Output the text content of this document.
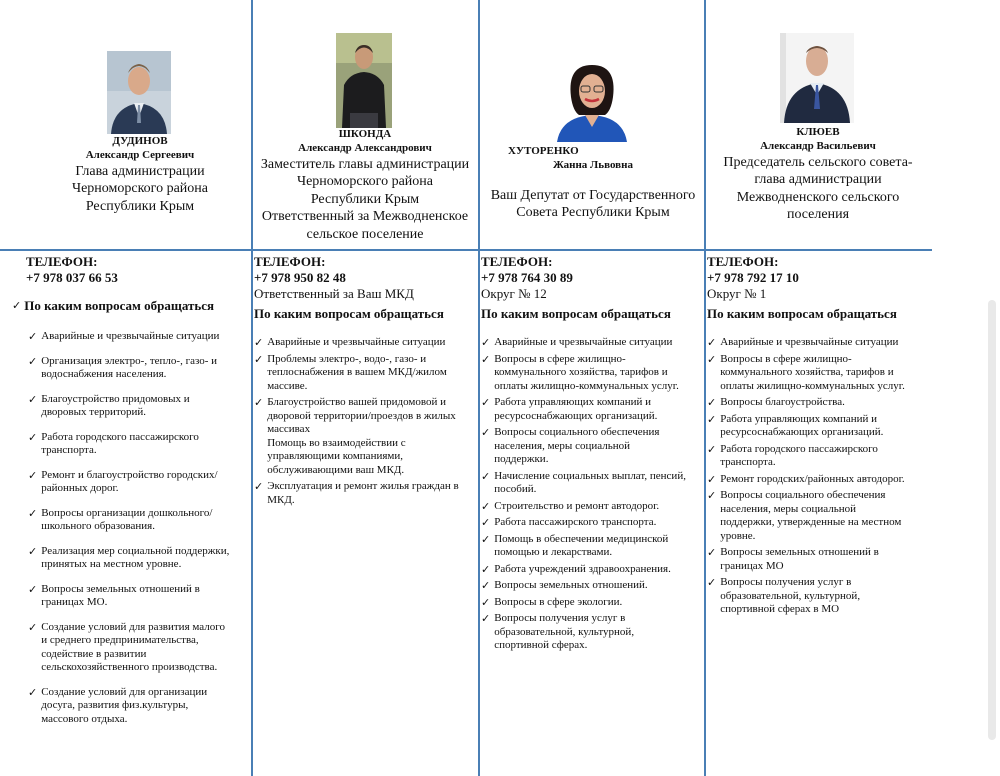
ДУДИНОВ
Александр Сергеевич
Глава администрации
Черноморского района
Республики Крым
ШКОНДА
Александр Александрович
Заместитель главы администрации
Черноморского района
Республики Крым
Ответственный за Межводненское
сельское поселение
ХУТОРЕНКО
Жанна Львовна
Ваш Депутат от Государственного
Совета Республики Крым
КЛЮЕВ
Александр Васильевич
Председатель сельского совета-
глава администрации
Межводненского сельского
поселения
ТЕЛЕФОН:
+7 978 037 66 53
✓ По каким вопросам обращаться
✓ Аварийные и чрезвычайные ситуации
✓ Организация электро-, тепло-, газо- и
водоснабжения населения.
✓ Благоустройство придомовых и
дворовых территорий.
✓ Работа городского пассажирского
транспорта.
✓ Ремонт и благоустройство городских/
районных дорог.
✓ Вопросы организации дошкольного/
школьного образования.
✓ Реализация мер социальной поддержки,
принятых на местном уровне.
✓ Вопросы земельных отношений в
границах МО.
✓ Создание условий для развития малого
и среднего предпринимательства,
содействие в развитии
сельскохозяйственного производства.
✓ Создание условий для организации
досуга, развития физ.культуры,
массового отдыха.
ТЕЛЕФОН:
+7 978 950 82 48
Ответственный за Ваш МКД
По каким вопросам обращаться
✓ Аварийные и чрезвычайные ситуации
✓ Проблемы электро-, водо-, газо- и
теплоснабжения в вашем МКД/жилом
массиве.
✓ Благоустройство вашей придомовой и
дворовой территории/проездов в жилых
массивах
Помощь во взаимодействии с
управляющими компаниями,
обслуживающими ваш МКД.
✓ Эксплуатация и ремонт жилья граждан в
МКД.
ТЕЛЕФОН:
+7 978 764 30 89
Округ № 12
По каким вопросам обращаться
✓ Аварийные и чрезвычайные ситуации
✓ Вопросы в сфере жилищно-
коммунального хозяйства, тарифов и
оплаты жилищно-коммунальных услуг.
✓ Работа управляющих компаний и
ресурсоснабжающих организаций.
✓ Вопросы социального обеспечения
населения, меры социальной
поддержки.
✓ Начисление социальных выплат, пенсий,
пособий.
✓ Строительство и ремонт автодорог.
✓ Работа пассажирского транспорта.
✓ Помощь в обеспечении медицинской
помощью и лекарствами.
✓ Работа учреждений здравоохранения.
✓ Вопросы земельных отношений.
✓ Вопросы в сфере экологии.
✓ Вопросы получения услуг в
образовательной, культурной,
спортивной сферах.
ТЕЛЕФОН:
+7 978 792 17 10
Округ № 1
По каким вопросам обращаться
✓ Аварийные и чрезвычайные ситуации
✓ Вопросы в сфере жилищно-
коммунального хозяйства, тарифов и
оплаты жилищно-коммунальных услуг.
✓ Вопросы благоустройства.
✓ Работа управляющих компаний и
ресурсоснабжающих организаций.
✓ Работа городского пассажирского
транспорта.
✓ Ремонт городских/районных автодорог.
✓ Вопросы социального обеспечения
населения, меры социальной
поддержки, утвержденные на местном
уровне.
✓ Вопросы земельных отношений в
границах МО
✓ Вопросы получения услуг в
образовательной, культурной,
спортивной сферах в МО
